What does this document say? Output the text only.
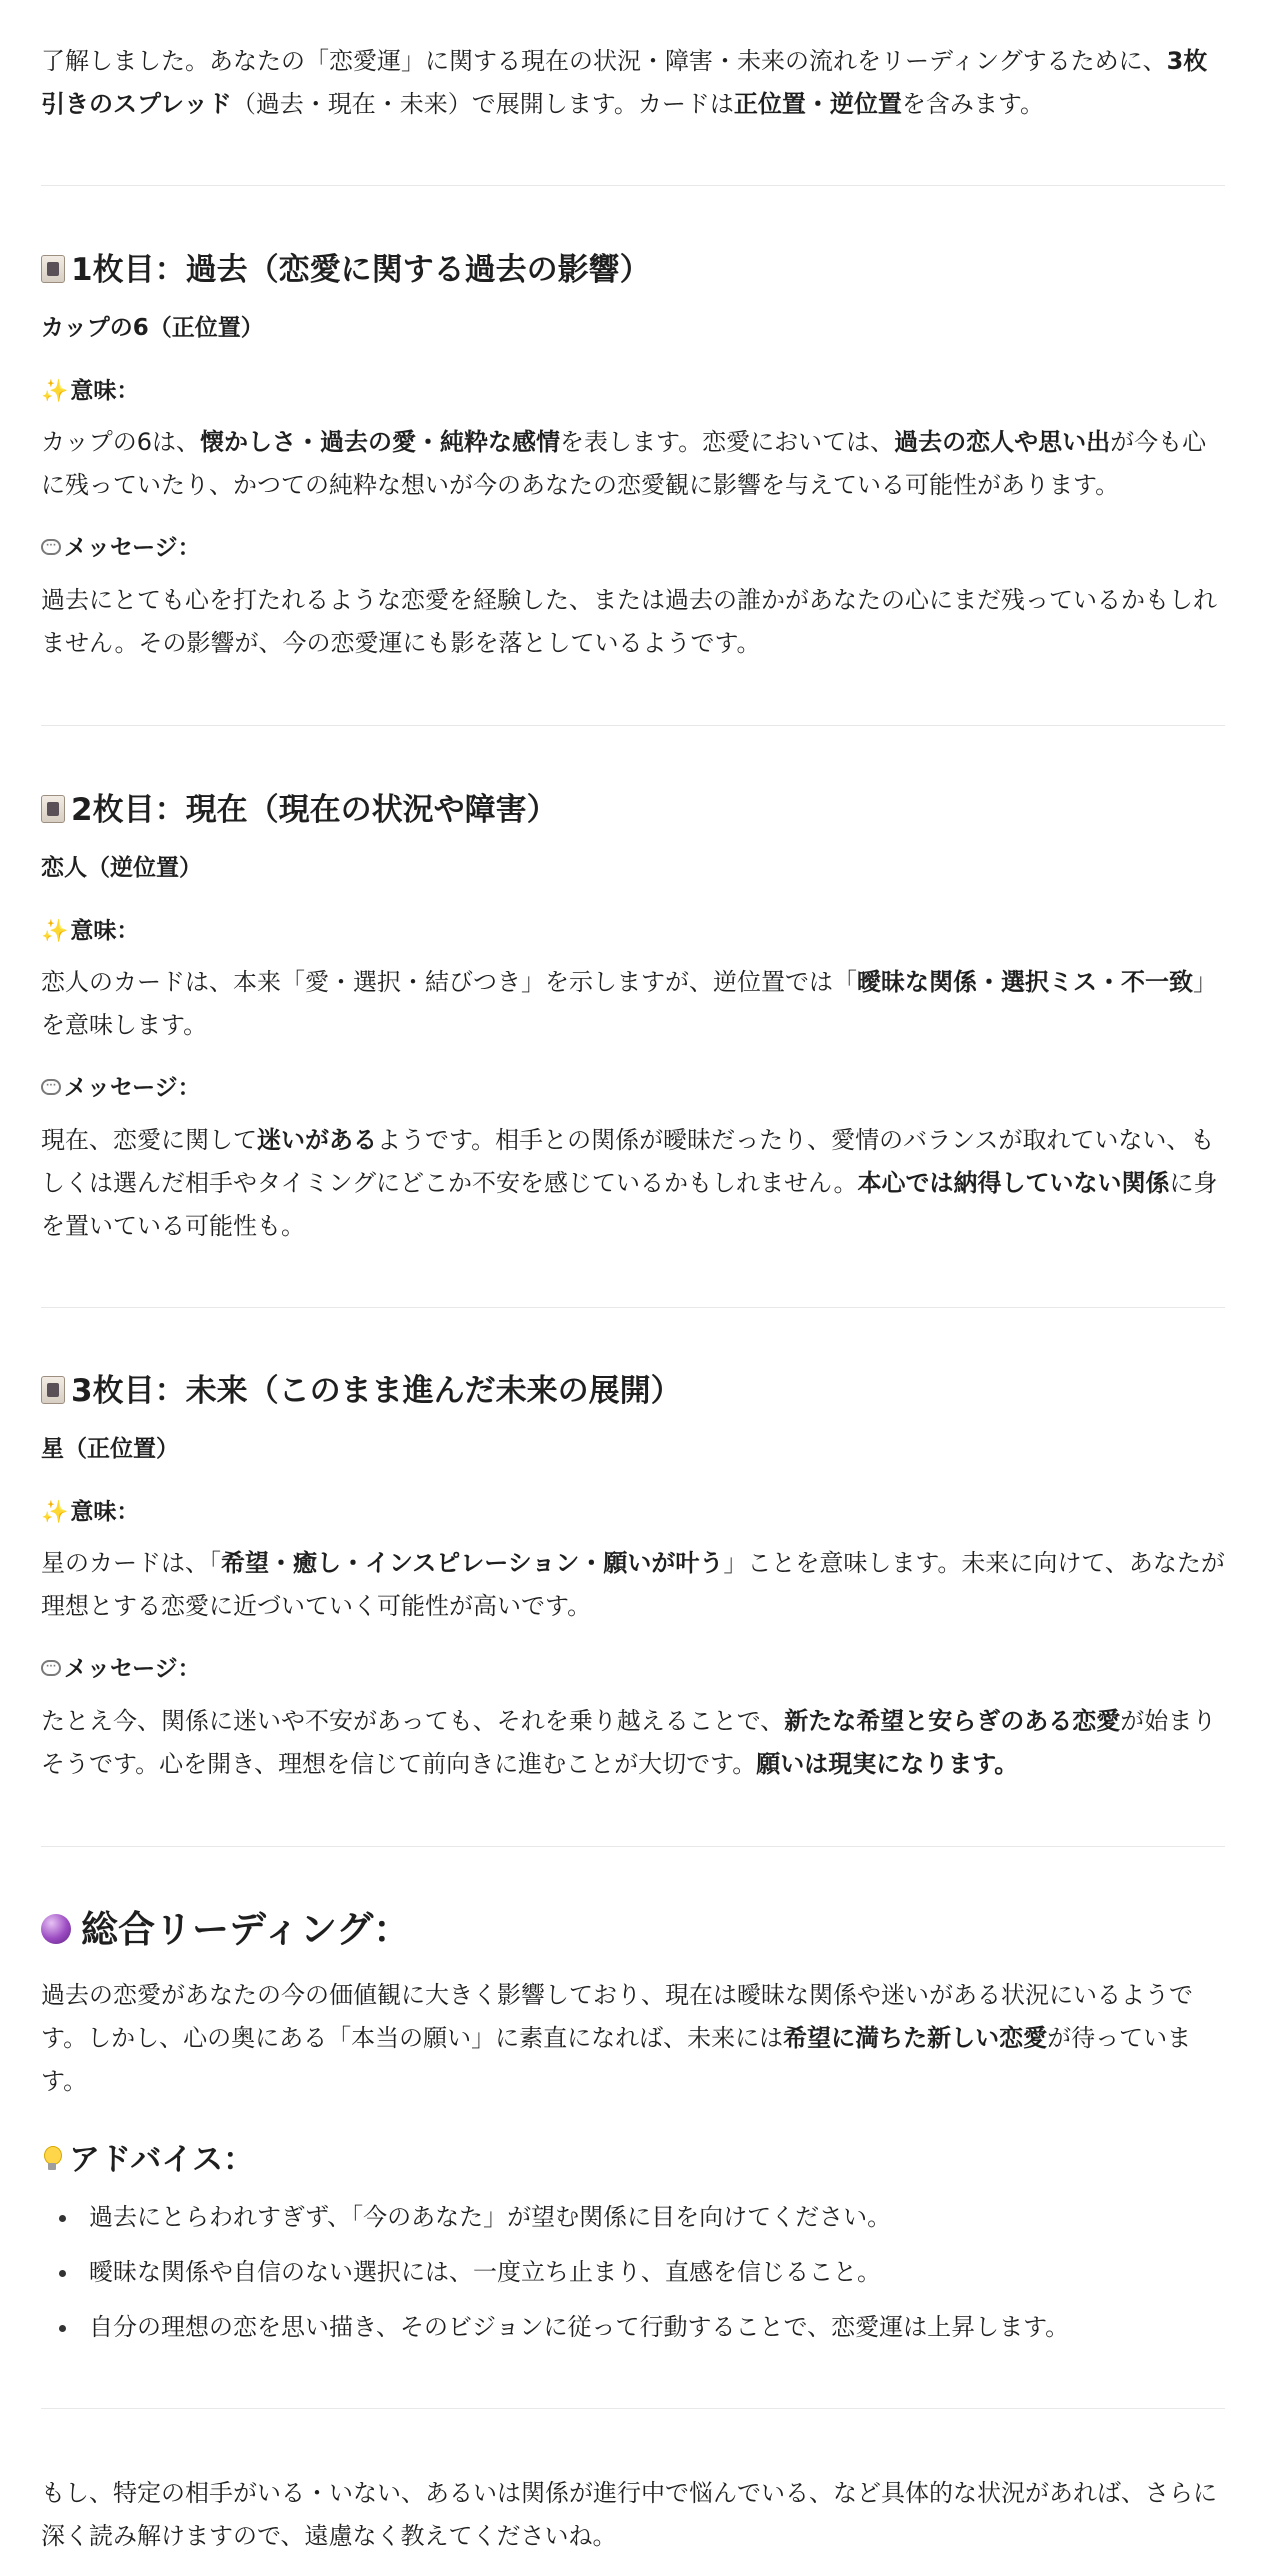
了解しました。あなたの「恋愛運」に関する現在の状況・障害・未来の流れをリーディングするために、3枚引きのスプレッド（過去・現在・未来）で展開します。カードは正位置・逆位置を含みます。

1枚目：過去（恋愛に関する過去の影響）
カップの6（正位置）
✨意味：

カップの6は、懐かしさ・過去の愛・純粋な感情を表します。恋愛においては、過去の恋人や思い出が今も心に残っていたり、かつての純粋な想いが今のあなたの恋愛観に影響を与えている可能性があります。

··· メッセージ：

過去にとても心を打たれるような恋愛を経験した、または過去の誰かがあなたの心にまだ残っているかもしれません。その影響が、今の恋愛運にも影を落としているようです。

2枚目：現在（現在の状況や障害）
恋人（逆位置）
✨意味：

恋人のカードは、本来「愛・選択・結びつき」を示しますが、逆位置では「曖昧な関係・選択ミス・不一致」を意味します。

··· メッセージ：

現在、恋愛に関して迷いがあるようです。相手との関係が曖昧だったり、愛情のバランスが取れていない、もしくは選んだ相手やタイミングにどこか不安を感じているかもしれません。本心では納得していない関係に身を置いている可能性も。

3枚目：未来（このまま進んだ未来の展開）
星（正位置）
✨意味：

星のカードは、「希望・癒し・インスピレーション・願いが叶う」ことを意味します。未来に向けて、あなたが理想とする恋愛に近づいていく可能性が高いです。

··· メッセージ：

たとえ今、関係に迷いや不安があっても、それを乗り越えることで、新たな希望と安らぎのある恋愛が始まりそうです。心を開き、理想を信じて前向きに進むことが大切です。願いは現実になります。

総合リーディング：

過去の恋愛があなたの今の価値観に大きく影響しており、現在は曖昧な関係や迷いがある状況にいるようです。しかし、心の奥にある「本当の願い」に素直になれば、未来には希望に満ちた新しい恋愛が待っています。

アドバイス：
過去にとらわれすぎず、「今のあなた」が望む関係に目を向けてください。
曖昧な関係や自信のない選択には、一度立ち止まり、直感を信じること。
自分の理想の恋を思い描き、そのビジョンに従って行動することで、恋愛運は上昇します。

もし、特定の相手がいる・いない、あるいは関係が進行中で悩んでいる、など具体的な状況があれば、さらに深く読み解けますので、遠慮なく教えてくださいね。
